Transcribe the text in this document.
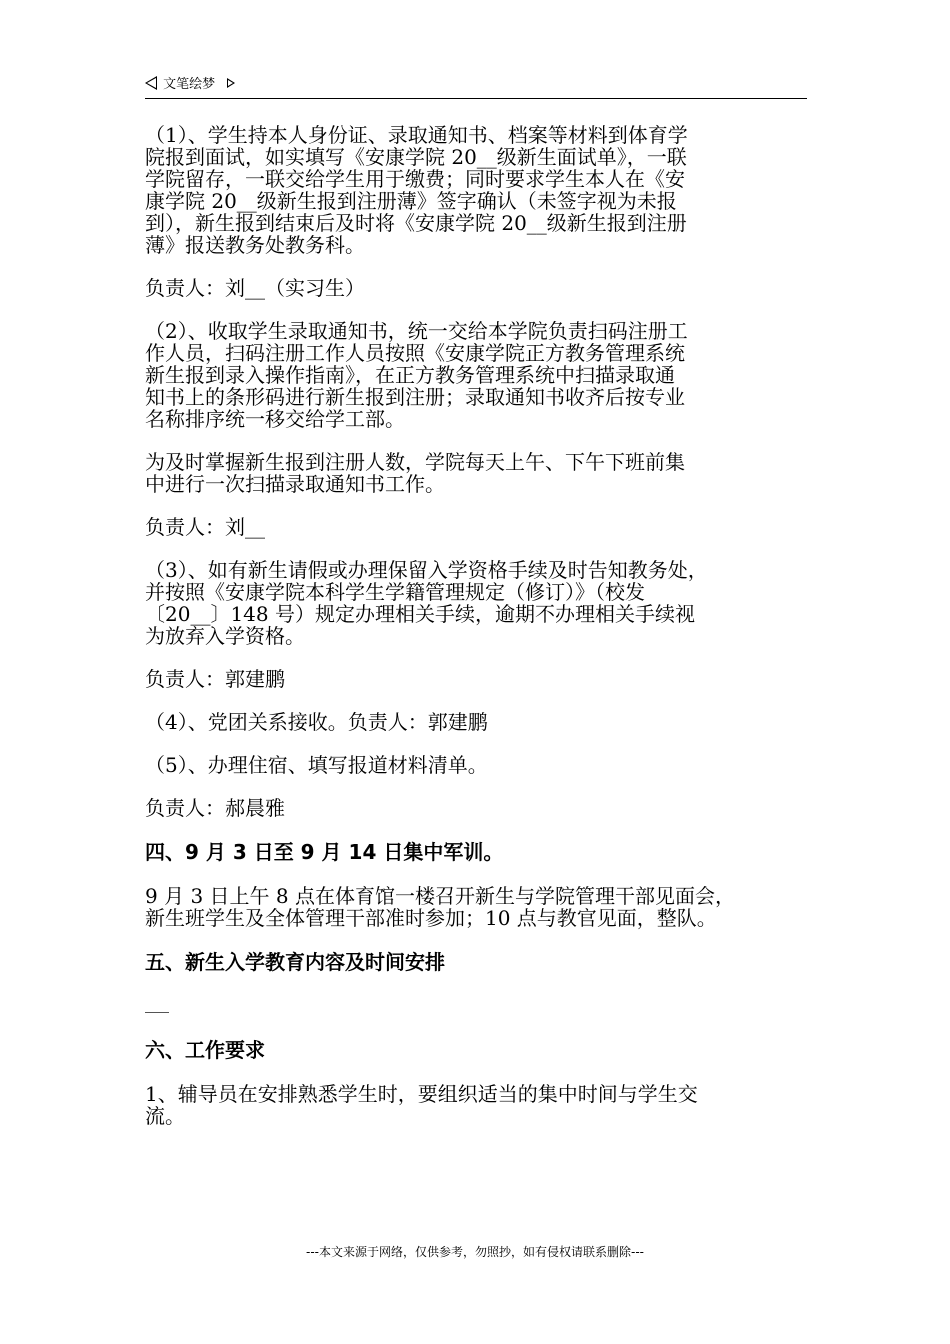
文笔绘梦
（1）、学生持本人身份证、录取通知书、档案等材料到体育学
院报到面试，如实填写《安康学院 20__级新生面试单》，一联
学院留存，一联交给学生用于缴费；同时要求学生本人在《安
康学院 20__级新生报到注册薄》签字确认（未签字视为未报
到），新生报到结束后及时将《安康学院 20__级新生报到注册
薄》报送教务处教务科。
负责人：刘__（实习生）
（2）、收取学生录取通知书，统一交给本学院负责扫码注册工
作人员，扫码注册工作人员按照《安康学院正方教务管理系统
新生报到录入操作指南》，在正方教务管理系统中扫描录取通
知书上的条形码进行新生报到注册；录取通知书收齐后按专业
名称排序统一移交给学工部。
为及时掌握新生报到注册人数，学院每天上午、下午下班前集
中进行一次扫描录取通知书工作。
负责人：刘__
（3）、如有新生请假或办理保留入学资格手续及时告知教务处，
并按照《安康学院本科学生学籍管理规定（修订）》（校发
〔20__〕148 号）规定办理相关手续，逾期不办理相关手续视
为放弃入学资格。
负责人：郭建鹏
（4）、党团关系接收。负责人：郭建鹏
（5）、办理住宿、填写报道材料清单。
负责人：郝晨雅
四、9 月 3 日至 9 月 14 日集中军训。
9 月 3 日上午 8 点在体育馆一楼召开新生与学院管理干部见面会，
新生班学生及全体管理干部准时参加；10 点与教官见面，整队。
五、新生入学教育内容及时间安排
六、工作要求
1、辅导员在安排熟悉学生时，要组织适当的集中时间与学生交
流。
---本文来源于网络，仅供参考，勿照抄，如有侵权请联系删除---
